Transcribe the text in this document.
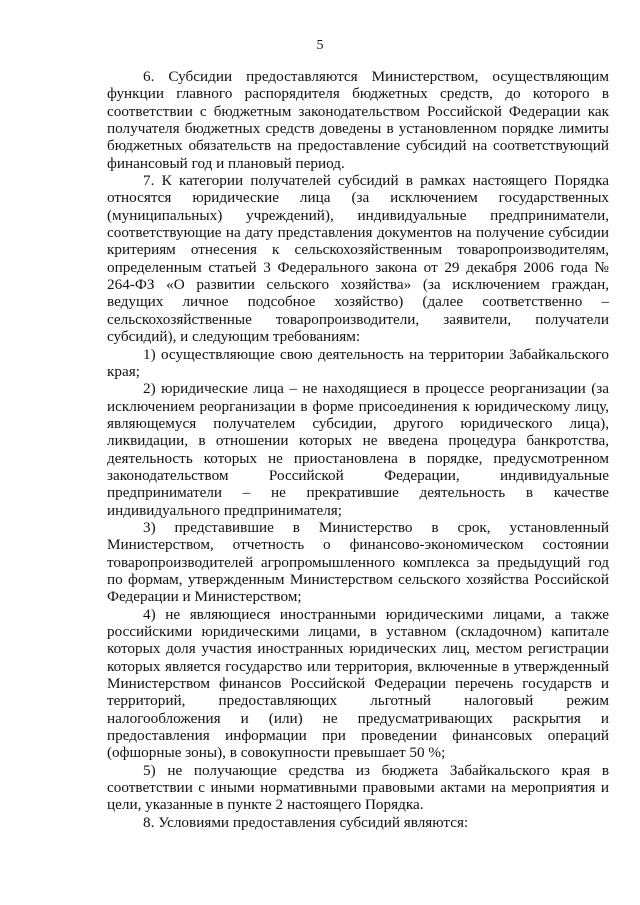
5

6. Субсидии предоставляются Министерством, осуществляющим функции главного распорядителя бюджетных средств, до которого в соответствии с бюджетным законодательством Российской Федерации как получателя бюджетных средств доведены в установленном порядке лимиты бюджетных обязательств на предоставление субсидий на соответствующий финансовый год и плановый период.

7. К категории получателей субсидий в рамках настоящего Порядка относятся юридические лица (за исключением государственных (муниципальных) учреждений), индивидуальные предприниматели, соответствующие на дату представления документов на получение субсидии критериям отнесения к сельскохозяйственным товаропроизводителям, определенным статьей 3 Федерального закона от 29 декабря 2006 года № 264-ФЗ «О развитии сельского хозяйства» (за исключением граждан, ведущих личное подсобное хозяйство) (далее соответственно – сельскохозяйственные товаропроизводители, заявители, получатели субсидий), и следующим требованиям:

1) осуществляющие свою деятельность на территории Забайкальского края;

2) юридические лица – не находящиеся в процессе реорганизации (за исключением реорганизации в форме присоединения к юридическому лицу, являющемуся получателем субсидии, другого юридического лица), ликвидации, в отношении которых не введена процедура банкротства, деятельность которых не приостановлена в порядке, предусмотренном законодательством Российской Федерации, индивидуальные предприниматели – не прекратившие деятельность в качестве индивидуального предпринимателя;

3) представившие в Министерство в срок, установленный Министерством, отчетность о финансово-экономическом состоянии товаропроизводителей агропромышленного комплекса за предыдущий год по формам, утвержденным Министерством сельского хозяйства Российской Федерации и Министерством;

4) не являющиеся иностранными юридическими лицами, а также российскими юридическими лицами, в уставном (складочном) капитале которых доля участия иностранных юридических лиц, местом регистрации которых является государство или территория, включенные в утвержденный Министерством финансов Российской Федерации перечень государств и территорий, предоставляющих льготный налоговый режим налогообложения и (или) не предусматривающих раскрытия и предоставления информации при проведении финансовых операций (офшорные зоны), в совокупности превышает 50 %;

5) не получающие средства из бюджета Забайкальского края в соответствии с иными нормативными правовыми актами на мероприятия и цели, указанные в пункте 2 настоящего Порядка.

8. Условиями предоставления субсидий являются:
